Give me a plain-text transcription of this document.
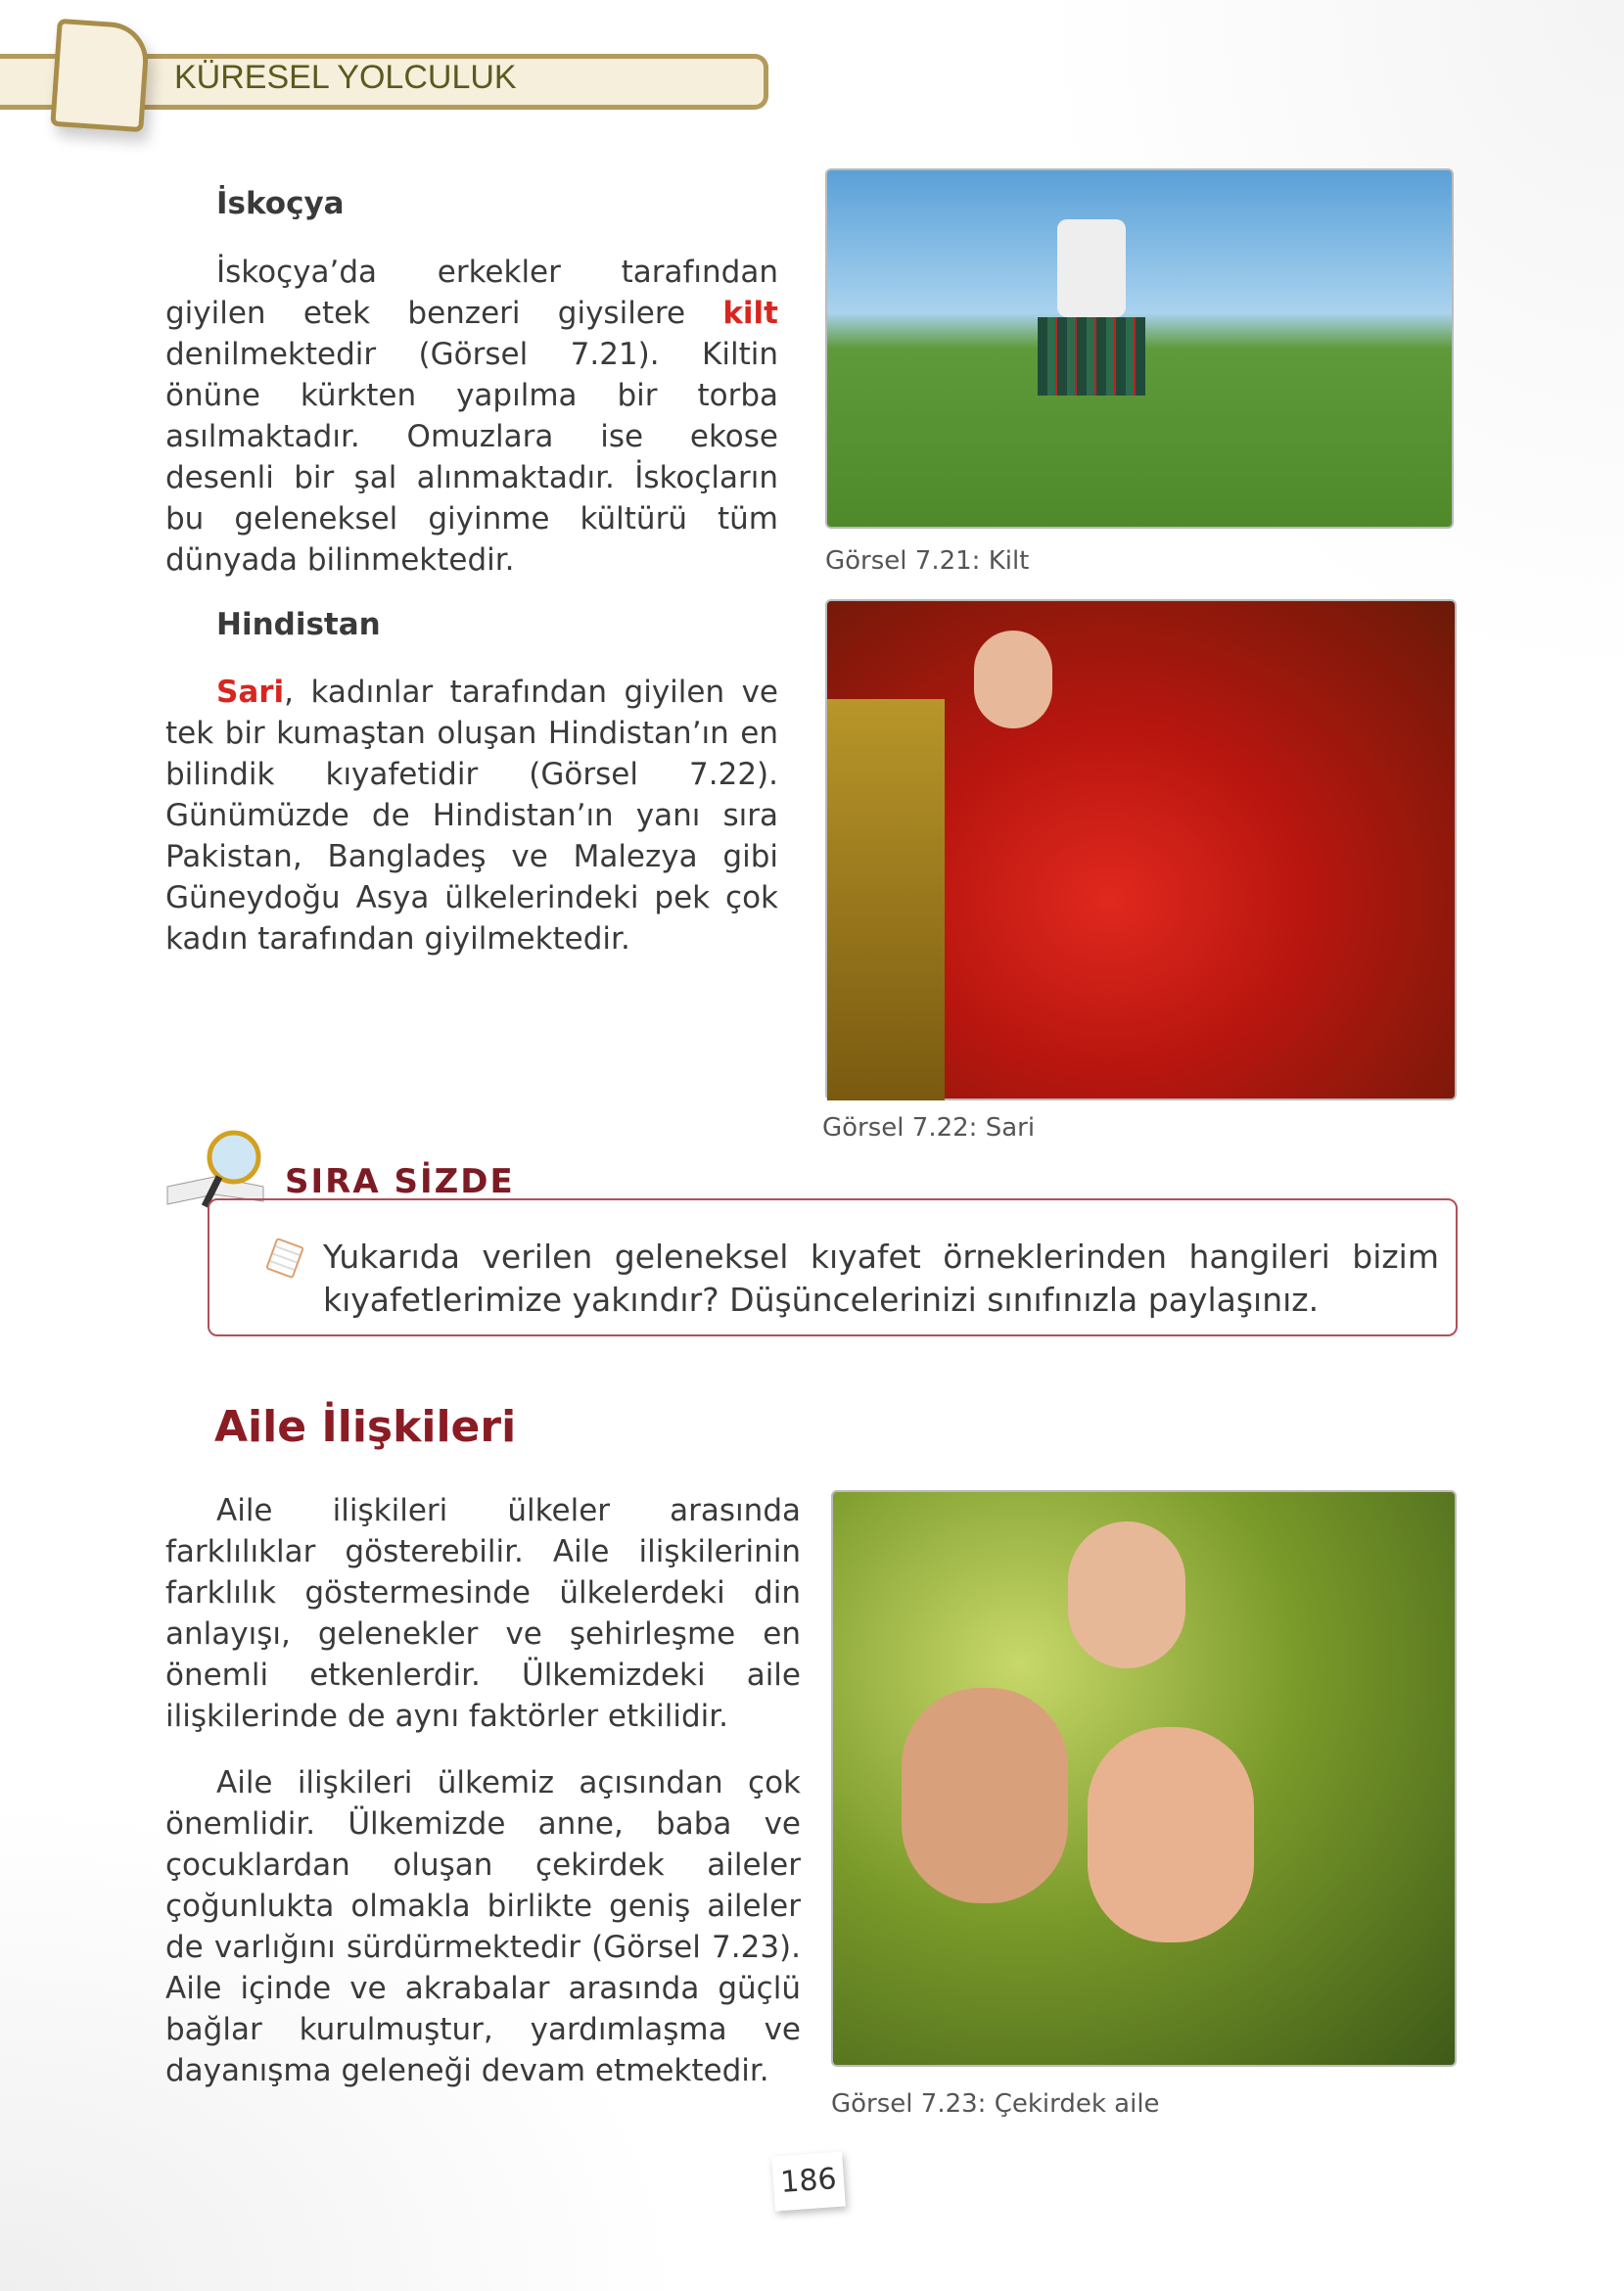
KÜRESEL YOLCULUK
İskoçya

İskoçya’da erkekler tarafından giyilen etek benzeri giysilere kilt denilmektedir (Görsel 7.21). Kiltin önüne kürkten yapılma bir torba asılmaktadır. Omuzlara ise ekose desenli bir şal alınmaktadır. İskoçların bu geleneksel giyinme kültürü tüm dünyada bilinmektedir.	Görsel 7.21: Kilt
Hindistan

Sari, kadınlar tarafından giyilen ve tek bir kumaştan oluşan Hindistan’ın en bilindik kıyafetidir (Görsel 7.22). Günümüzde de Hindistan’ın yanı sıra Pakistan, Bangladeş ve Malezya gibi Güneydoğu Asya ülkelerindeki pek çok kadın tarafından giyilmektedir.

Görsel 7.22: Sari
SIRA SİZDE
Yukarıda verilen geleneksel kıyafet örneklerinden hangileri bizim kıyafetlerimize yakındır? Düşüncelerinizi sınıfınızla paylaşınız.
Aile İlişkileri

Aile ilişkileri ülkeler arasında farklılıklar gösterebilir. Aile ilişkilerinin farklılık göstermesinde ülkelerdeki din anlayışı, gelenekler ve şehirleşme en önemli etkenlerdir. Ülkemizdeki aile ilişkilerinde de aynı faktörler etkilidir.

Aile ilişkileri ülkemiz açısından çok önemlidir. Ülkemizde anne, baba ve çocuklardan oluşan çekirdek aileler çoğunlukta olmakla birlikte geniş aileler de varlığını sürdürmektedir (Görsel 7.23). Aile içinde ve akrabalar arasında güçlü bağlar kurulmuştur, yardımlaşma ve dayanışma geleneği devam etmektedir.

Görsel 7.23: Çekirdek aile
186
